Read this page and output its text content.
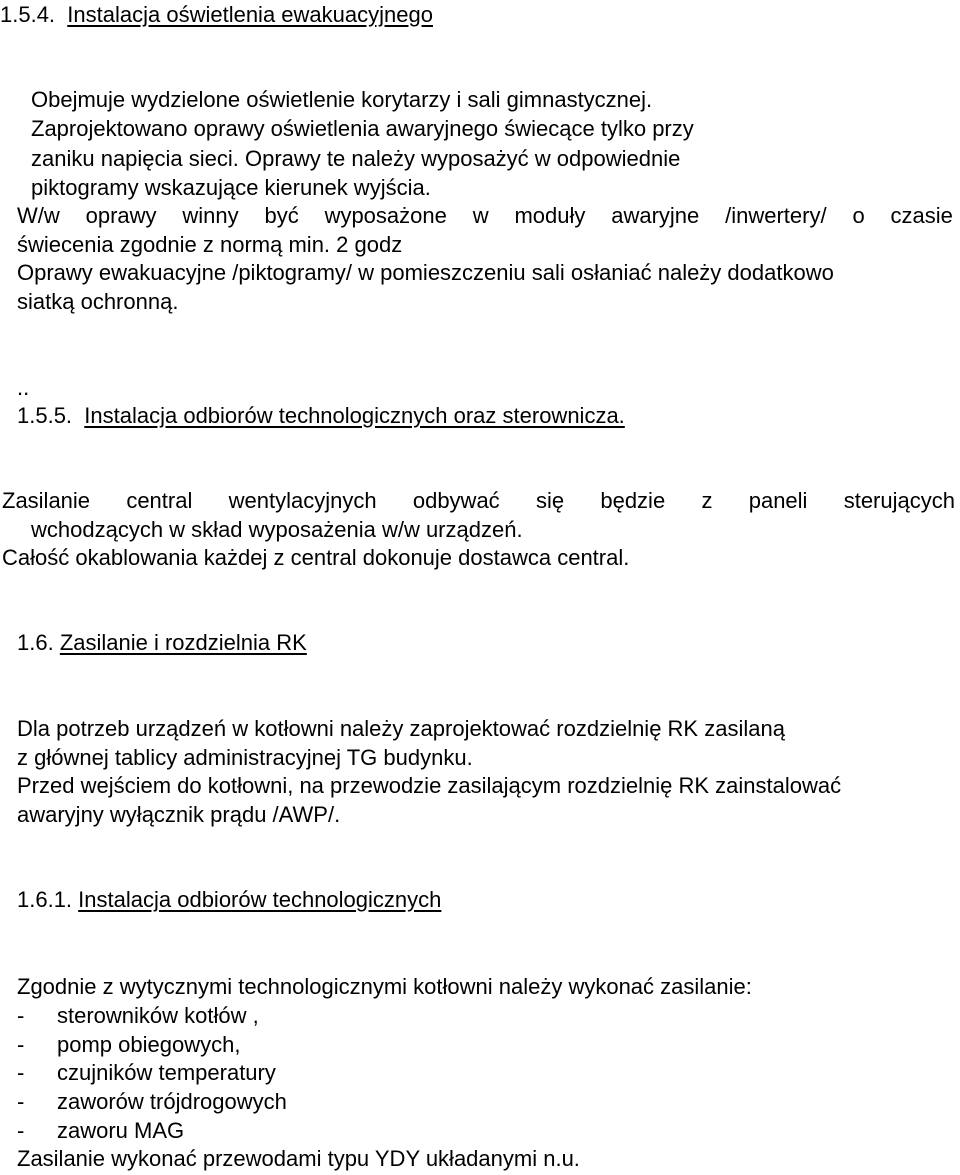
1.5.4. Instalacja oświetlenia ewakuacyjnego
Obejmuje wydzielone oświetlenie korytarzy i sali gimnastycznej.
Zaprojektowano oprawy oświetlenia awaryjnego świecące tylko przy
zaniku napięcia sieci. Oprawy te należy wyposażyć w odpowiednie
piktogramy wskazujące kierunek wyjścia.
W/w oprawy winny być wyposażone w moduły awaryjne /inwertery/ o czasie
świecenia zgodnie z normą min. 2 godz
Oprawy ewakuacyjne /piktogramy/ w pomieszczeniu sali osłaniać należy dodatkowo
siatką ochronną.
..
1.5.5. Instalacja odbiorów technologicznych oraz sterownicza.
Zasilanie central wentylacyjnych odbywać się będzie z paneli sterujących
wchodzących w skład wyposażenia w/w urządzeń.
Całość okablowania każdej z central dokonuje dostawca central.
1.6. Zasilanie i rozdzielnia RK
Dla potrzeb urządzeń w kotłowni należy zaprojektować rozdzielnię RK zasilaną
z głównej tablicy administracyjnej TG budynku.
Przed wejściem do kotłowni, na przewodzie zasilającym rozdzielnię RK zainstalować
awaryjny wyłącznik prądu /AWP/.
1.6.1. Instalacja odbiorów technologicznych
Zgodnie z wytycznymi technologicznymi kotłowni należy wykonać zasilanie:
- sterowników kotłów ,
- pomp obiegowych,
- czujników temperatury
- zaworów trójdrogowych
- zaworu MAG
Zasilanie wykonać przewodami typu YDY układanymi n.u.
